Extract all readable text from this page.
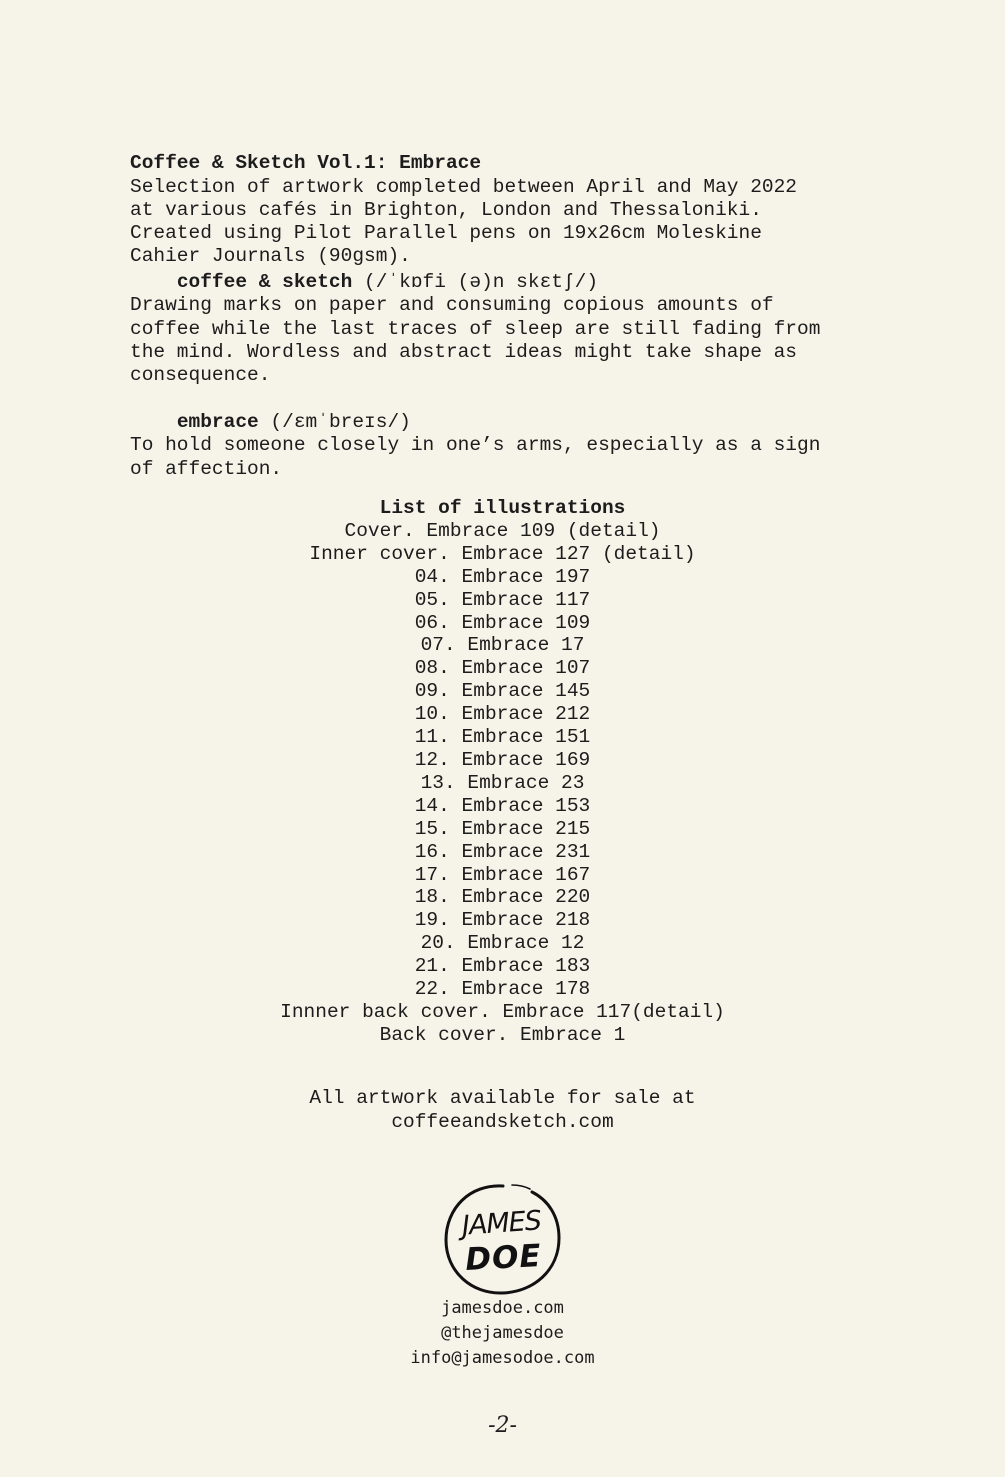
Coffee & Sketch Vol.1: Embrace
Selection of artwork completed between April and May 2022
at various cafés in Brighton, London and Thessaloniki.
Created using Pilot Parallel pens on 19x26cm Moleskine
Cahier Journals (90gsm).

coffee & sketch (/ˈkɒfi (ə)n skɛtʃ/)
Drawing marks on paper and consuming copious amounts of
coffee while the last traces of sleep are still fading from
the mind. Wordless and abstract ideas might take shape as
consequence.

embrace (/ɛmˈbreɪs/)
To hold someone closely in one’s arms, especially as a sign
of affection.

List of illustrations
Cover. Embrace 109 (detail)
Inner cover. Embrace 127 (detail)
04. Embrace 197
05. Embrace 117
06. Embrace 109
07. Embrace 17
08. Embrace 107
09. Embrace 145
10. Embrace 212
11. Embrace 151
12. Embrace 169
13. Embrace 23
14. Embrace 153
15. Embrace 215
16. Embrace 231
17. Embrace 167
18. Embrace 220
19. Embrace 218
20. Embrace 12
21. Embrace 183
22. Embrace 178
Innner back cover. Embrace 117(detail)
Back cover. Embrace 1
All artwork available for sale at
coffeeandsketch.com
JAMES
DOE
jamesdoe.com
@thejamesdoe
info@jamesodoe.com
-2-
